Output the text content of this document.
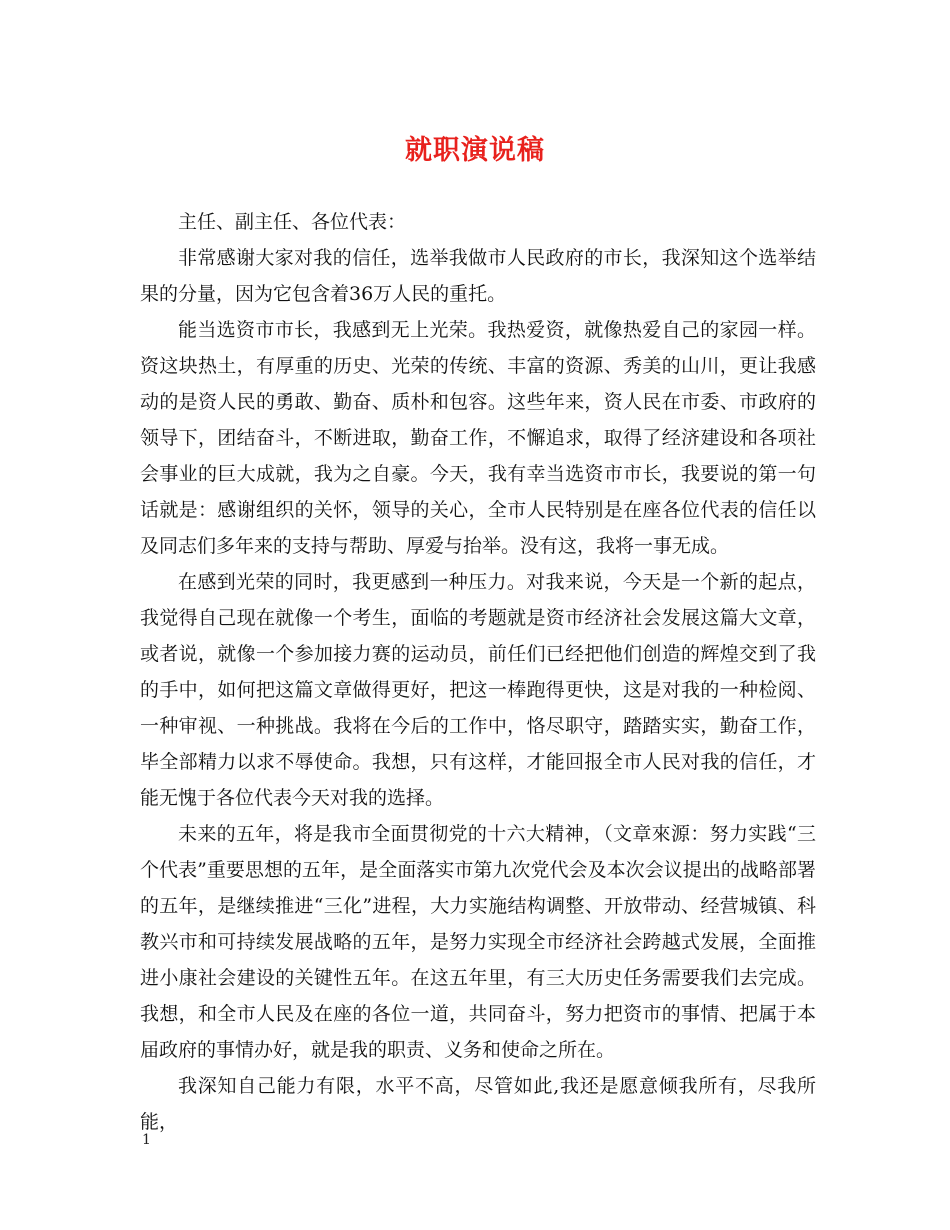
就职演说稿

主任、副主任、各位代表：

非常感谢大家对我的信任，选举我做市人民政府的市长，我深知这个选举结果的分量，因为它包含着36万人民的重托。

能当选资市市长，我感到无上光荣。我热爱资，就像热爱自己的家园一样。资这块热土，有厚重的历史、光荣的传统、丰富的资源、秀美的山川，更让我感动的是资人民的勇敢、勤奋、质朴和包容。这些年来，资人民在市委、市政府的领导下，团结奋斗，不断进取，勤奋工作，不懈追求，取得了经济建设和各项社会事业的巨大成就，我为之自豪。今天，我有幸当选资市市长，我要说的第一句话就是：感谢组织的关怀，领导的关心，全市人民特别是在座各位代表的信任以及同志们多年来的支持与帮助、厚爱与抬举。没有这，我将一事无成。

在感到光荣的同时，我更感到一种压力。对我来说，今天是一个新的起点，我觉得自己现在就像一个考生，面临的考题就是资市经济社会发展这篇大文章，或者说，就像一个参加接力赛的运动员，前任们已经把他们创造的辉煌交到了我的手中，如何把这篇文章做得更好，把这一棒跑得更快，这是对我的一种检阅、一种审视、一种挑战。我将在今后的工作中，恪尽职守，踏踏实实，勤奋工作，毕全部精力以求不辱使命。我想，只有这样，才能回报全市人民对我的信任，才能无愧于各位代表今天对我的选择。

未来的五年，将是我市全面贯彻党的十六大精神，（文章來源：努力实践“三个代表”重要思想的五年，是全面落实市第九次党代会及本次会议提出的战略部署的五年，是继续推进“三化”进程，大力实施结构调整、开放带动、经营城镇、科教兴市和可持续发展战略的五年，是努力实现全市经济社会跨越式发展，全面推进小康社会建设的关键性五年。在这五年里，有三大历史任务需要我们去完成。我想，和全市人民及在座的各位一道，共同奋斗，努力把资市的事情、把属于本届政府的事情办好，就是我的职责、义务和使命之所在。

我深知自己能力有限，水平不高，尽管如此,我还是愿意倾我所有，尽我所能，

1
